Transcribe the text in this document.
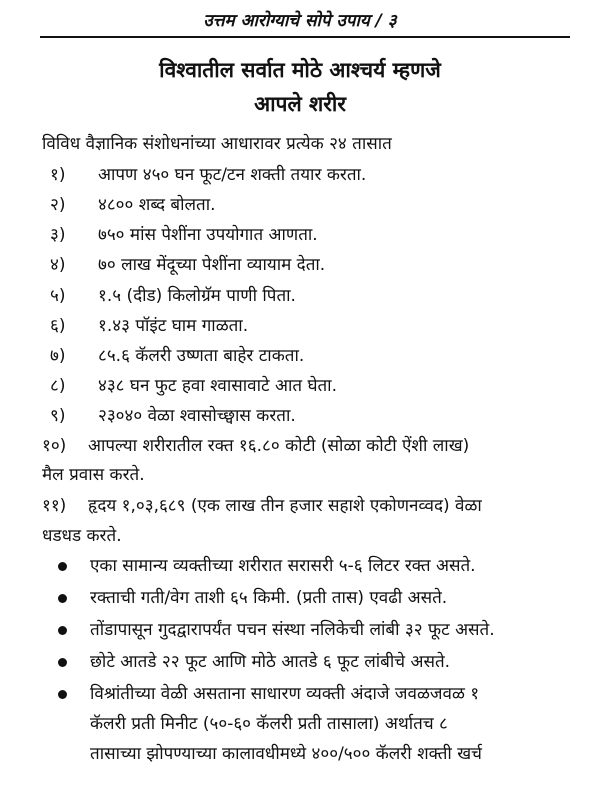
उत्तम आरोग्याचे सोपे उपाय / ३
विश्वातील सर्वात मोठे आश्चर्य म्हणजे
आपले शरीर
विविध वैज्ञानिक संशोधनांच्या आधारावर प्रत्येक २४ तासात
१) आपण ४५० घन फूट/टन शक्ती तयार करता.
२) ४८०० शब्द बोलता.
३) ७५० मांस पेशींना उपयोगात आणता.
४) ७० लाख मेंदूच्या पेशींना व्यायाम देता.
५) १.५ (दीड) किलोग्रॅम पाणी पिता.
६) १.४३ पॉइंट घाम गाळता.
७) ८५.६ कॅलरी उष्णता बाहेर टाकता.
८) ४३८ घन फुट हवा श्वासावाटे आत घेता.
९) २३०४० वेळा श्वासोच्छ्वास करता.
१०) आपल्या शरीरातील रक्त १६.८० कोटी (सोळा कोटी ऐंशी लाख)
मैल प्रवास करते.
११) हृदय १,०३,६८९ (एक लाख तीन हजार सहाशे एकोणनव्वद) वेळा
धडधड करते.
एका सामान्य व्यक्तीच्या शरीरात सरासरी ५-६ लिटर रक्त असते.
रक्ताची गती/वेग ताशी ६५ किमी. (प्रती तास) एवढी असते.
तोंडापासून गुदद्वारापर्यंत पचन संस्था नलिकेची लांबी ३२ फूट असते.
छोटे आतडे २२ फूट आणि मोठे आतडे ६ फूट लांबीचे असते.
विश्रांतीच्या वेळी असताना साधारण व्यक्ती अंदाजे जवळजवळ १
कॅलरी प्रती मिनीट (५०-६० कॅलरी प्रती तासाला) अर्थातच ८
तासाच्या झोपण्याच्या कालावधीमध्ये ४००/५०० कॅलरी शक्ती खर्च
